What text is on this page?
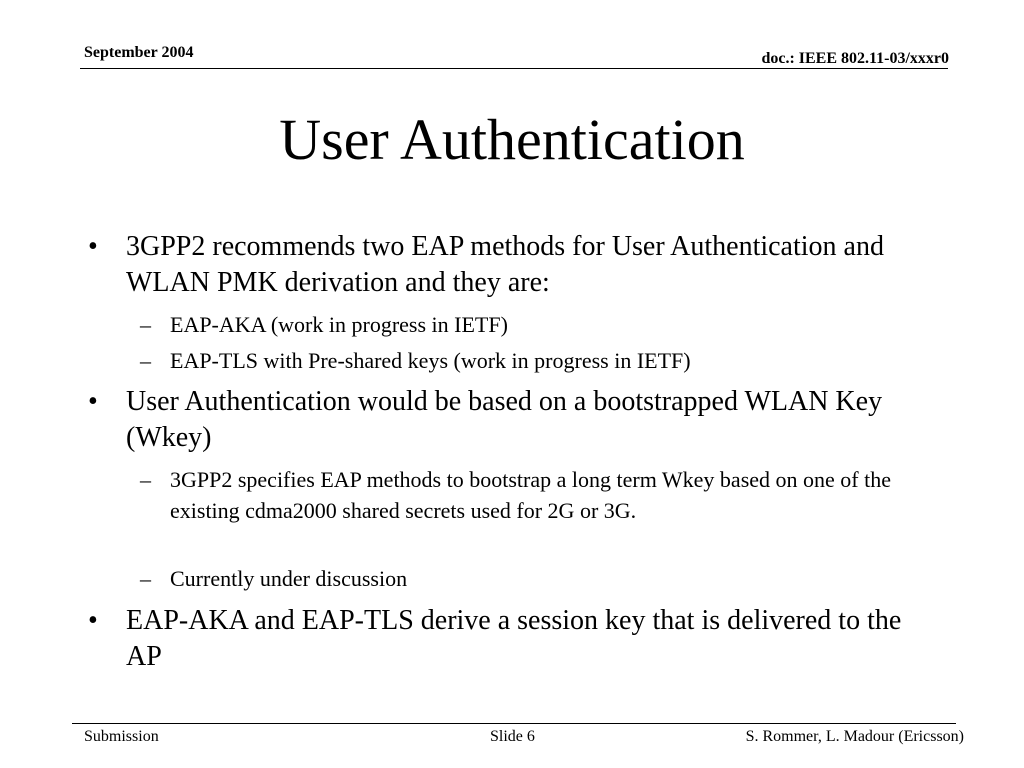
September 2004	doc.: IEEE 802.11-03/xxxr0
User Authentication
• 3GPP2 recommends two EAP methods for User Authentication and WLAN PMK derivation and they are:
– EAP-AKA (work in progress in IETF)
– EAP-TLS with Pre-shared keys (work in progress in IETF)
• User Authentication would be based on a bootstrapped WLAN Key (Wkey)
– 3GPP2 specifies EAP methods to bootstrap a long term Wkey based on one of the existing cdma2000 shared secrets used for 2G or 3G.
– Currently under discussion
• EAP-AKA and EAP-TLS derive a session key that is delivered to the AP
Submission	Slide 6	S. Rommer, L. Madour (Ericsson)
